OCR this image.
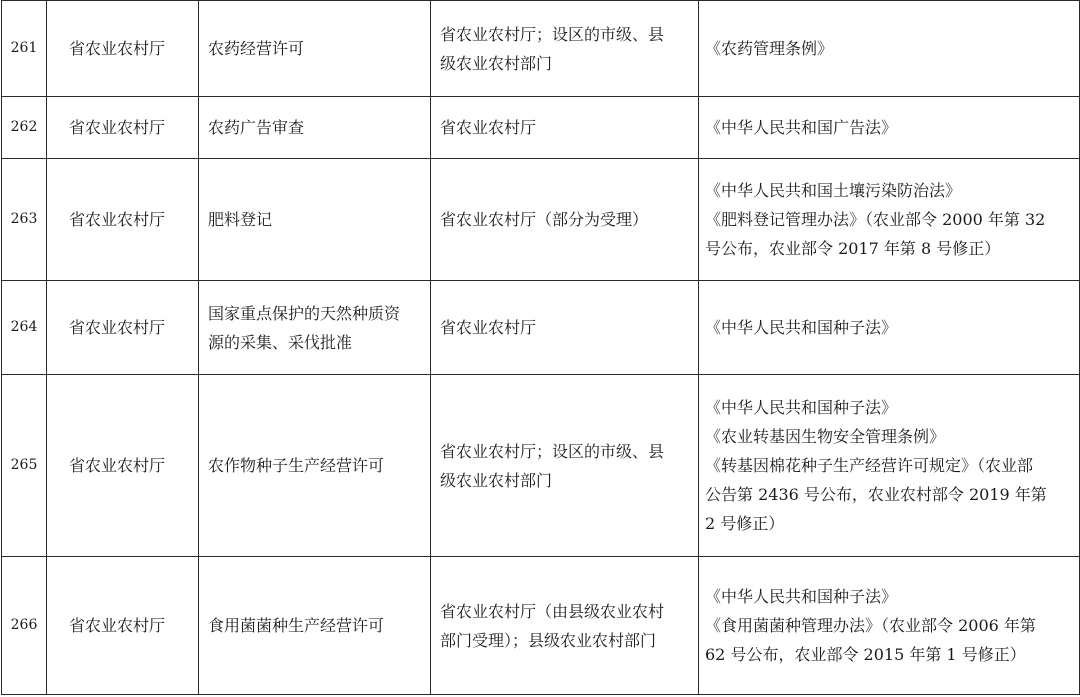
261	省农业农村厅	农药经营许可	省农业农村厅；设区的市级、县
级农业农村部门	《农药管理条例》

262	省农业农村厅	农药广告审查	省农业农村厅	《中华人民共和国广告法》

263	省农业农村厅	肥料登记	省农业农村厅（部分为受理）	《中华人民共和国土壤污染防治法》
《肥料登记管理办法》（农业部令 2000 年第 32
号公布，农业部令 2017 年第 8 号修正）

264	省农业农村厅	国家重点保护的天然种质资
源的采集、采伐批准	省农业农村厅	《中华人民共和国种子法》

265	省农业农村厅	农作物种子生产经营许可	省农业农村厅；设区的市级、县
级农业农村部门	《中华人民共和国种子法》
《农业转基因生物安全管理条例》
《转基因棉花种子生产经营许可规定》（农业部
公告第 2436 号公布，农业农村部令 2019 年第
2 号修正）

266	省农业农村厅	食用菌菌种生产经营许可	省农业农村厅（由县级农业农村
部门受理）；县级农业农村部门	《中华人民共和国种子法》
《食用菌菌种管理办法》（农业部令 2006 年第
62 号公布，农业部令 2015 年第 1 号修正）
